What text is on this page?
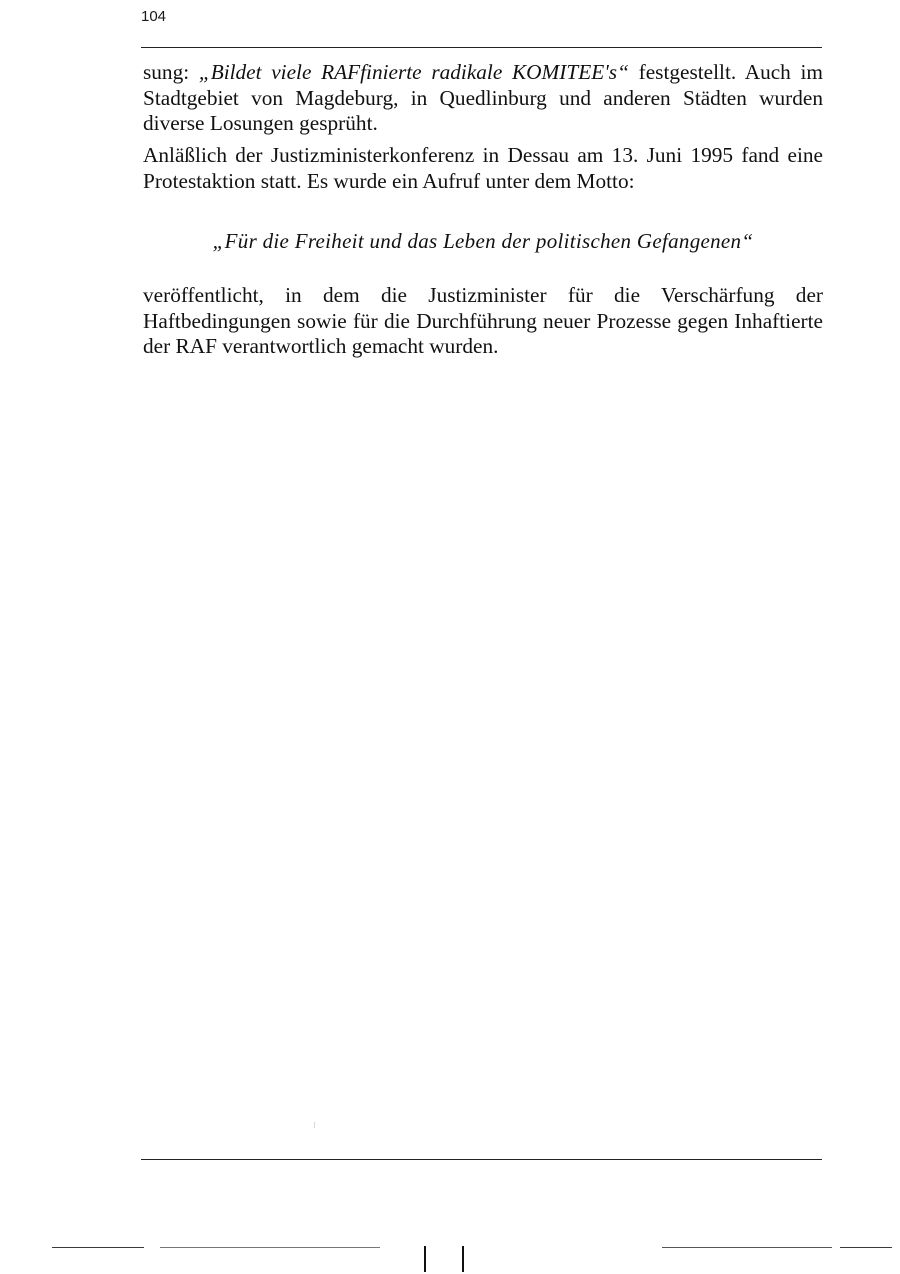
104

sung: „Bildet viele RAFfinierte radikale KOMITEE's“ festgestellt. Auch im Stadtgebiet von Magdeburg, in Quedlinburg und anderen Städten wurden diverse Losungen gesprüht.

Anläßlich der Justizministerkonferenz in Dessau am 13. Juni 1995 fand eine Protestaktion statt. Es wurde ein Aufruf unter dem Motto:

„Für die Freiheit und das Leben der politischen Gefangenen“

veröffentlicht, in dem die Justizminister für die Verschärfung der Haftbedingungen sowie für die Durchführung neuer Prozesse gegen Inhaftierte der RAF verantwortlich gemacht wurden.
